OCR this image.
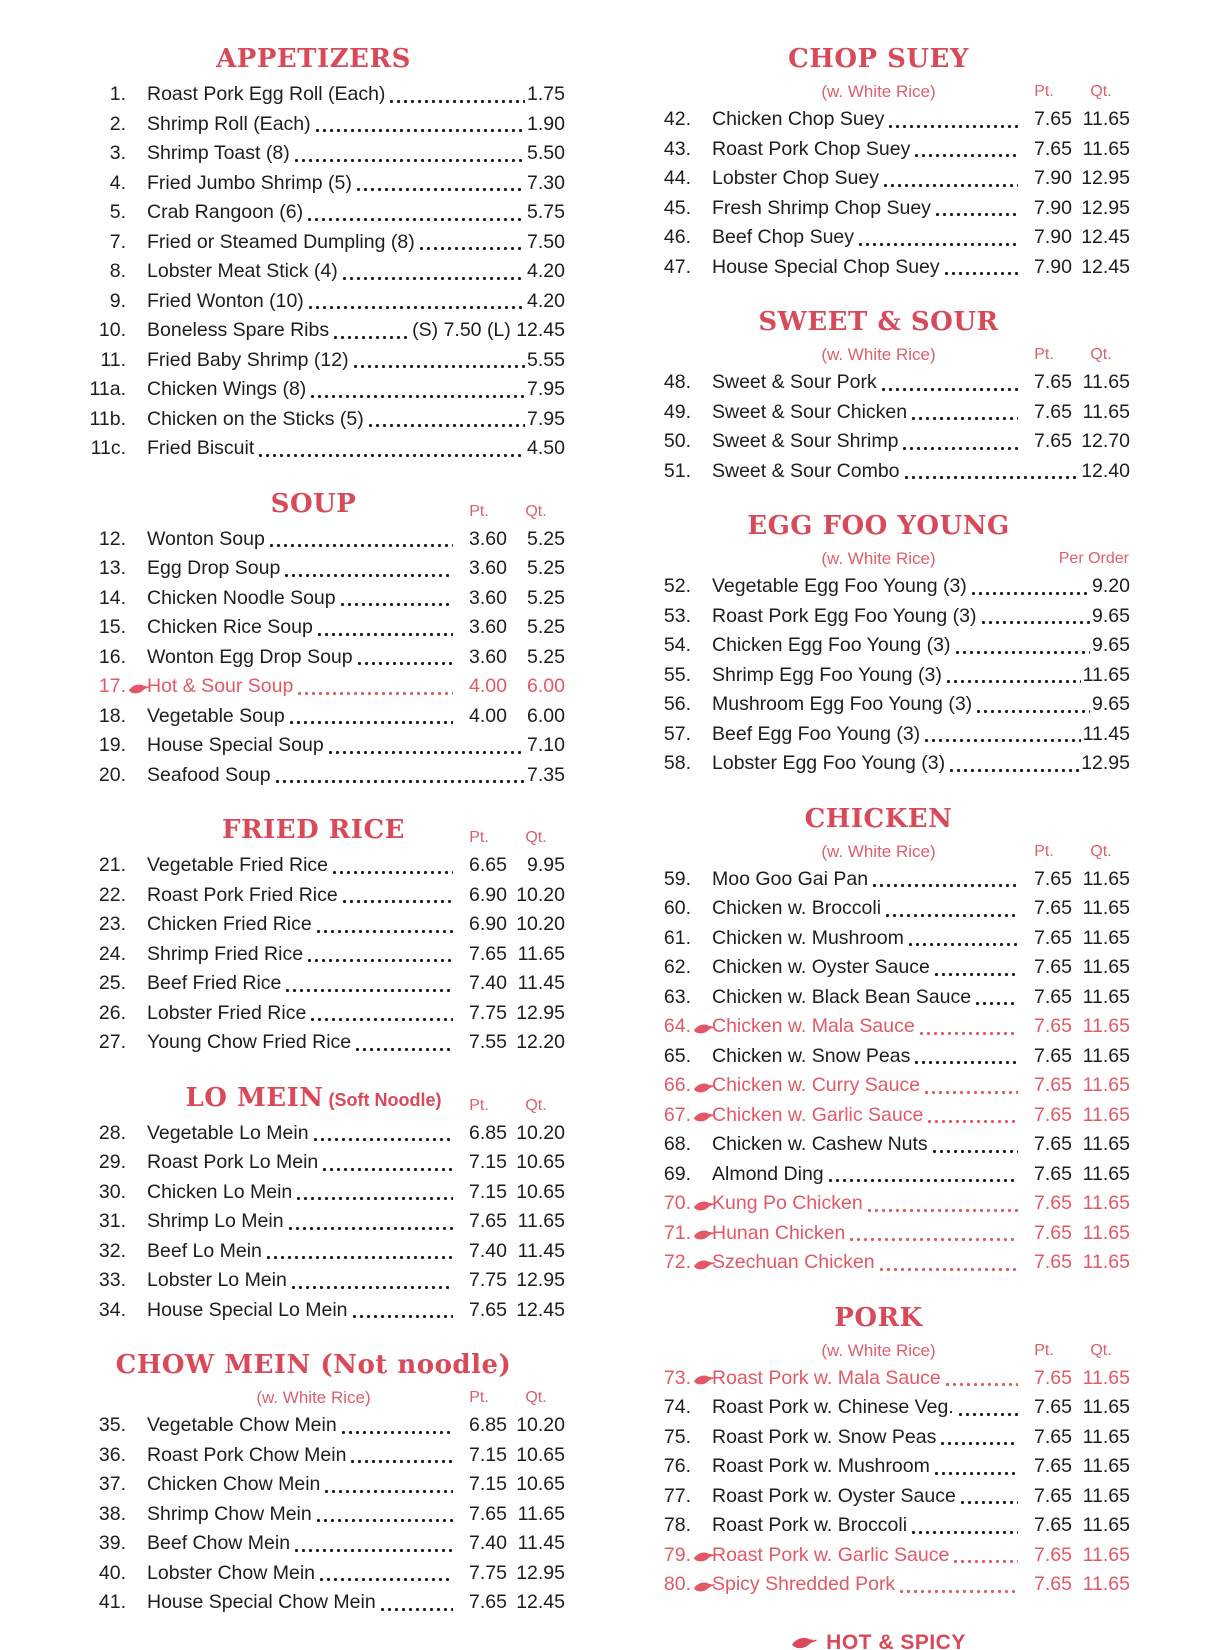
APPETIZERS
1. Roast Pork Egg Roll (Each)	1.75
2. Shrimp Roll (Each)	1.90
3. Shrimp Toast (8)	5.50
4. Fried Jumbo Shrimp (5)	7.30
5. Crab Rangoon (6)	5.75
7. Fried or Steamed Dumpling (8)	7.50
8. Lobster Meat Stick (4)	4.20
9. Fried Wonton (10)	4.20
10. Boneless Spare Ribs	(S) 7.50 (L) 12.45
11. Fried Baby Shrimp (12)	5.55
11a. Chicken Wings (8)	7.95
11b. Chicken on the Sticks (5)	7.95
11c. Fried Biscuit	4.50
SOUP	Pt.	Qt.
12. Wonton Soup	3.60	5.25
13. Egg Drop Soup	3.60	5.25
14. Chicken Noodle Soup	3.60	5.25
15. Chicken Rice Soup	3.60	5.25
16. Wonton Egg Drop Soup	3.60	5.25
17. Hot & Sour Soup	4.00	6.00
18. Vegetable Soup	4.00	6.00
19. House Special Soup	7.10
20. Seafood Soup	7.35
FRIED RICE	Pt.	Qt.
21. Vegetable Fried Rice	6.65	9.95
22. Roast Pork Fried Rice	6.90 10.20
23. Chicken Fried Rice	6.90 10.20
24. Shrimp Fried Rice	7.65 11.65
25. Beef Fried Rice	7.40 11.45
26. Lobster Fried Rice	7.75 12.95
27. Young Chow Fried Rice	7.55 12.20
LO MEIN (Soft Noodle)	Pt.	Qt.
28. Vegetable Lo Mein	6.85 10.20
29. Roast Pork Lo Mein	7.15 10.65
30. Chicken Lo Mein	7.15 10.65
31. Shrimp Lo Mein	7.65 11.65
32. Beef Lo Mein	7.40 11.45
33. Lobster Lo Mein	7.75 12.95
34. House Special Lo Mein	7.65 12.45
CHOW MEIN (Not noodle)
(w. White Rice)	Pt.	Qt.
35. Vegetable Chow Mein	6.85 10.20
36. Roast Pork Chow Mein	7.15 10.65
37. Chicken Chow Mein	7.15 10.65
38. Shrimp Chow Mein	7.65 11.65
39. Beef Chow Mein	7.40 11.45
40. Lobster Chow Mein	7.75 12.95
41. House Special Chow Mein	7.65 12.45
CHOP SUEY
(w. White Rice)	Pt.	Qt.
42. Chicken Chop Suey	7.65 11.65
43. Roast Pork Chop Suey	7.65 11.65
44. Lobster Chop Suey	7.90 12.95
45. Fresh Shrimp Chop Suey	7.90 12.95
46. Beef Chop Suey	7.90 12.45
47. House Special Chop Suey	7.90 12.45
SWEET & SOUR
(w. White Rice)	Pt.	Qt.
48. Sweet & Sour Pork	7.65 11.65
49. Sweet & Sour Chicken	7.65 11.65
50. Sweet & Sour Shrimp	7.65 12.70
51. Sweet & Sour Combo	12.40
EGG FOO YOUNG
(w. White Rice)	Per Order
52. Vegetable Egg Foo Young (3)	9.20
53. Roast Pork Egg Foo Young (3)	9.65
54. Chicken Egg Foo Young (3)	9.65
55. Shrimp Egg Foo Young (3)	11.65
56. Mushroom Egg Foo Young (3)	9.65
57. Beef Egg Foo Young (3)	11.45
58. Lobster Egg Foo Young (3)	12.95
CHICKEN
(w. White Rice)	Pt.	Qt.
59. Moo Goo Gai Pan	7.65 11.65
60. Chicken w. Broccoli	7.65 11.65
61. Chicken w. Mushroom	7.65 11.65
62. Chicken w. Oyster Sauce	7.65 11.65
63. Chicken w. Black Bean Sauce	7.65 11.65
64. Chicken w. Mala Sauce	7.65 11.65
65. Chicken w. Snow Peas	7.65 11.65
66. Chicken w. Curry Sauce	7.65 11.65
67. Chicken w. Garlic Sauce	7.65 11.65
68. Chicken w. Cashew Nuts	7.65 11.65
69. Almond Ding	7.65 11.65
70. Kung Po Chicken	7.65 11.65
71. Hunan Chicken	7.65 11.65
72. Szechuan Chicken	7.65 11.65
PORK
(w. White Rice)	Pt.	Qt.
73. Roast Pork w. Mala Sauce	7.65 11.65
74. Roast Pork w. Chinese Veg.	7.65 11.65
75. Roast Pork w. Snow Peas	7.65 11.65
76. Roast Pork w. Mushroom	7.65 11.65
77. Roast Pork w. Oyster Sauce	7.65 11.65
78. Roast Pork w. Broccoli	7.65 11.65
79. Roast Pork w. Garlic Sauce	7.65 11.65
80. Spicy Shredded Pork	7.65 11.65
HOT & SPICY
